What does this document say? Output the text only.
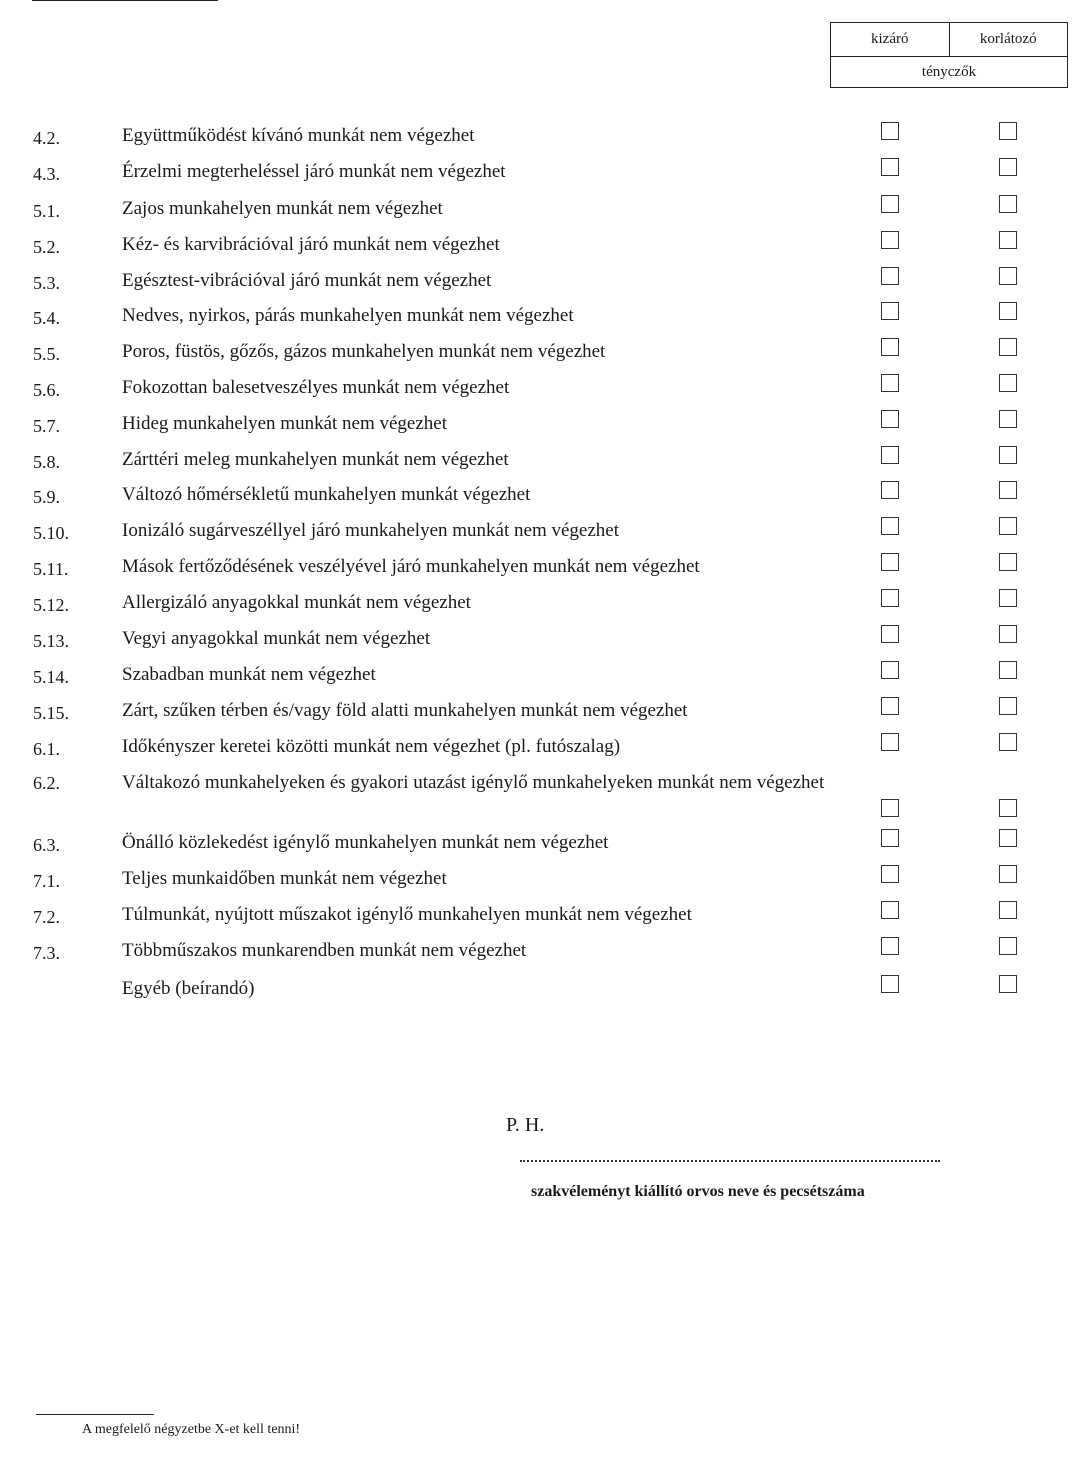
kizáró	korlátozó
tényczők
4.2.	Együttműködést kívánó munkát nem végezhet
4.3.	Érzelmi megterheléssel járó munkát nem végezhet
5.1.	Zajos munkahelyen munkát nem végezhet
5.2.	Kéz- és karvibrációval járó munkát nem végezhet
5.3.	Egésztest-vibrációval járó munkát nem végezhet
5.4.	Nedves, nyirkos, párás munkahelyen munkát nem végezhet
5.5.	Poros, füstös, gőzős, gázos munkahelyen munkát nem végezhet
5.6.	Fokozottan balesetveszélyes munkát nem végezhet
5.7.	Hideg munkahelyen munkát nem végezhet
5.8.	Zárttéri meleg munkahelyen munkát nem végezhet
5.9.	Változó hőmérsékletű munkahelyen munkát végezhet
5.10.	Ionizáló sugárveszéllyel járó munkahelyen munkát nem végezhet
5.11.	Mások fertőződésének veszélyével járó munkahelyen munkát nem végezhet
5.12.	Allergizáló anyagokkal munkát nem végezhet
5.13.	Vegyi anyagokkal munkát nem végezhet
5.14.	Szabadban munkát nem végezhet
5.15.	Zárt, szűken térben és/vagy föld alatti munkahelyen munkát nem végezhet
6.1.	Időkényszer keretei közötti munkát nem végezhet (pl. futószalag)
6.2.	Váltakozó munkahelyeken és gyakori utazást igénylő munkahelyeken munkát nem végezhet
6.3.	Önálló közlekedést igénylő munkahelyen munkát nem végezhet
7.1.	Teljes munkaidőben munkát nem végezhet
7.2.	Túlmunkát, nyújtott műszakot igénylő munkahelyen munkát nem végezhet
7.3.	Többműszakos munkarendben munkát nem végezhet
Egyéb (beírandó)
P. H.
szakvéleményt kiállító orvos neve és pecsétszáma
A megfelelő négyzetbe X-et kell tenni!
